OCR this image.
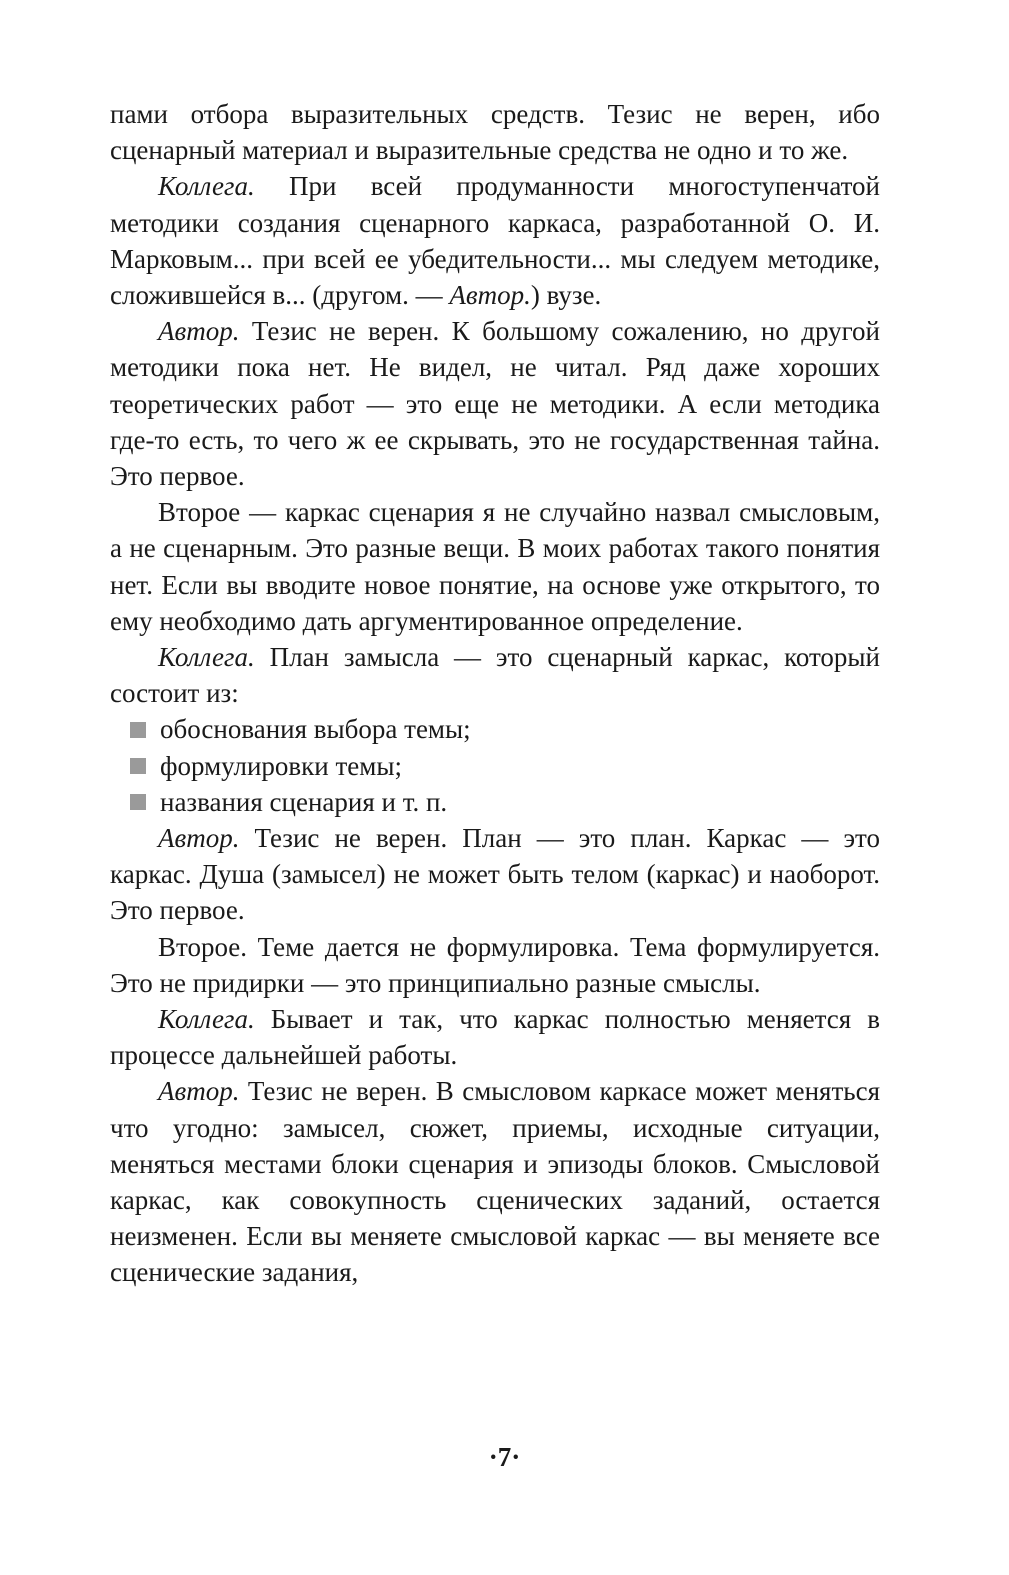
пами отбора выразительных средств. Тезис не верен, ибо сценарный материал и выразительные средства не одно и то же.

Коллега. При всей продуманности многоступенчатой методики создания сценарного каркаса, разработанной О. И. Марковым... при всей ее убедительности... мы следуем методике, сложившейся в... (другом. — Автор.) вузе.

Автор. Тезис не верен. К большому сожалению, но другой методики пока нет. Не видел, не читал. Ряд даже хороших теоретических работ — это еще не методики. А если методика где-то есть, то чего ж ее скрывать, это не государственная тайна. Это первое.

Второе — каркас сценария я не случайно назвал смысловым, а не сценарным. Это разные вещи. В моих работах такого понятия нет. Если вы вводите новое понятие, на основе уже открытого, то ему необходимо дать аргументированное определение.

Коллега. План замысла — это сценарный каркас, который состоит из:

обоснования выбора темы;
формулировки темы;
названия сценария и т. п.

Автор. Тезис не верен. План — это план. Каркас — это каркас. Душа (замысел) не может быть телом (каркас) и наоборот. Это первое.

Второе. Теме дается не формулировка. Тема формулируется. Это не придирки — это принципиально разные смыслы.

Коллега. Бывает и так, что каркас полностью меняется в процессе дальнейшей работы.

Автор. Тезис не верен. В смысловом каркасе может меняться что угодно: замысел, сюжет, приемы, исходные ситуации, меняться местами блоки сценария и эпизоды блоков. Смысловой каркас, как совокупность сценических заданий, остается неизменен. Если вы меняете смысловой каркас — вы меняете все сценические задания,

·7·
